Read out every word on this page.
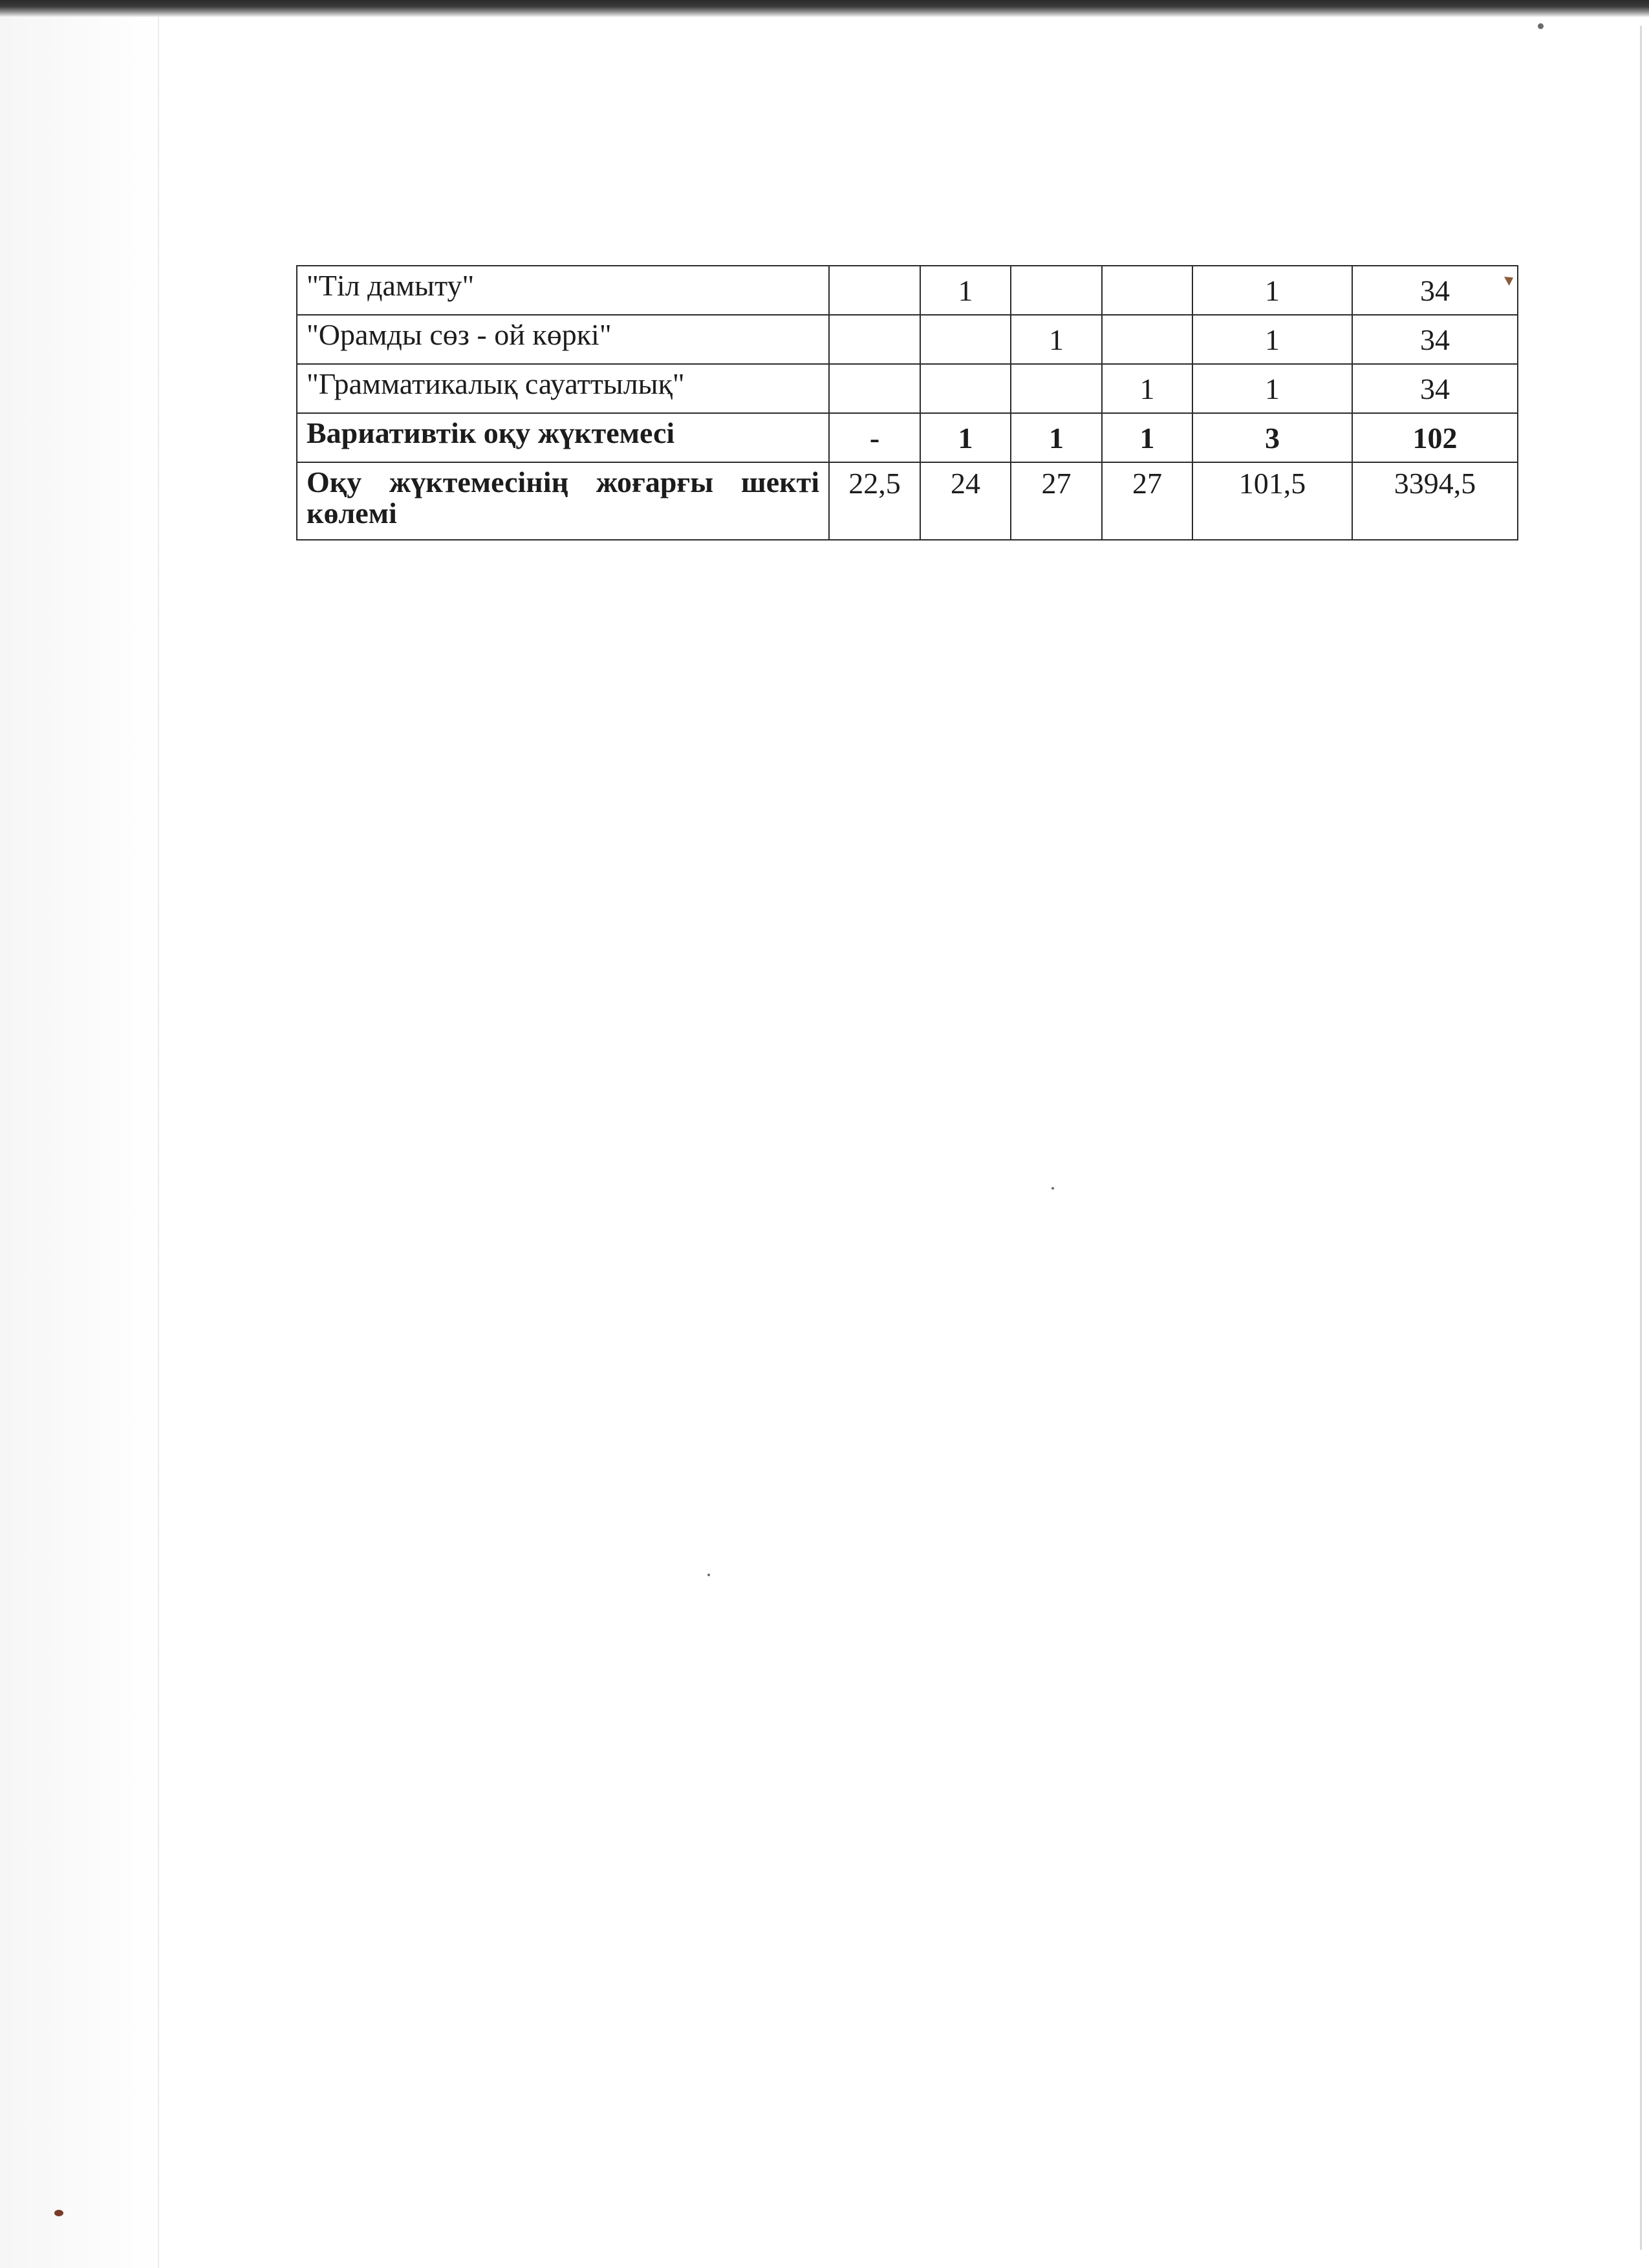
"Тіл дамыту"		1			1	34
"Орамды сөз - ой көркі"			1		1	34
"Грамматикалық сауаттылық"				1	1	34
Вариативтік оқу жүктемесі	-	1	1	1	3	102
Оқу жүктемесінің жоғарғы шекті көлемі	22,5	24	27	27	101,5	3394,5
